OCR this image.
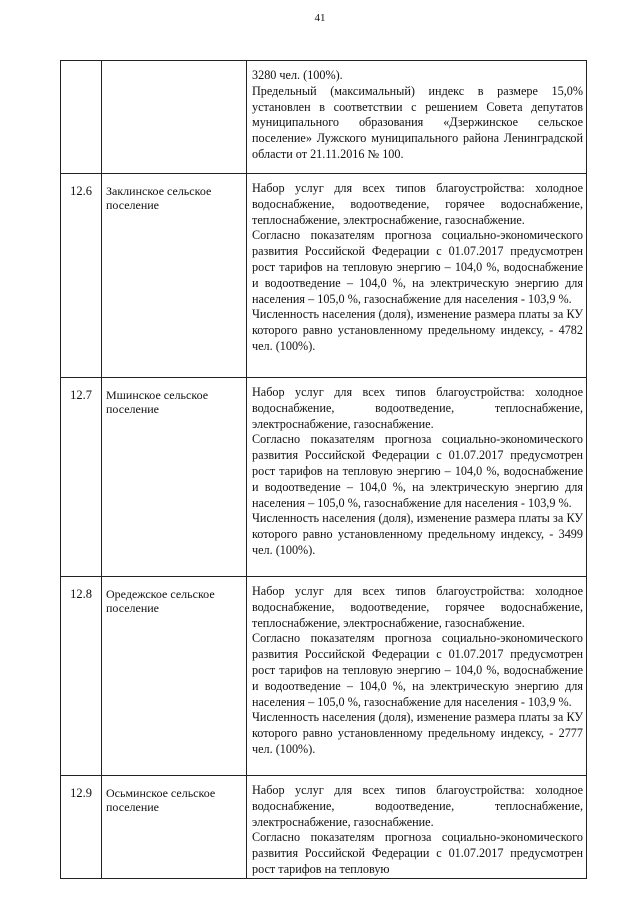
41

		3280 чел. (100%).

Предельный (максимальный) индекс в размере 15,0% установлен в соответствии с решением Совета депутатов муниципального образования «Дзержинское сельское поселение» Лужского муниципального района Ленинградской области от 21.11.2016 № 100.

12.6	Заклинское сельское поселение	Набор услуг для всех типов благоустройства: холодное водоснабжение, водоотведение, горячее водоснабжение, теплоснабжение, электроснабжение, газоснабжение.

Согласно показателям прогноза социально-экономического развития Российской Федерации с 01.07.2017 предусмотрен рост тарифов на тепловую энергию – 104,0 %, водоснабжение и водоотведение – 104,0 %, на электрическую энергию для населения – 105,0 %, газоснабжение для населения - 103,9 %.

Численность населения (доля), изменение размера платы за КУ которого равно установленному предельному индексу, - 4782 чел. (100%).

12.7	Мшинское сельское поселение	Набор услуг для всех типов благоустройства: холодное водоснабжение, водоотведение, теплоснабжение, электроснабжение, газоснабжение.

Согласно показателям прогноза социально-экономического развития Российской Федерации с 01.07.2017 предусмотрен рост тарифов на тепловую энергию – 104,0 %, водоснабжение и водоотведение – 104,0 %, на электрическую энергию для населения – 105,0 %, газоснабжение для населения - 103,9 %.

Численность населения (доля), изменение размера платы за КУ которого равно установленному предельному индексу, - 3499 чел. (100%).

12.8	Оредежское сельское поселение	Набор услуг для всех типов благоустройства: холодное водоснабжение, водоотведение, горячее водоснабжение, теплоснабжение, электроснабжение, газоснабжение.

Согласно показателям прогноза социально-экономического развития Российской Федерации с 01.07.2017 предусмотрен рост тарифов на тепловую энергию – 104,0 %, водоснабжение и водоотведение – 104,0 %, на электрическую энергию для населения – 105,0 %, газоснабжение для населения - 103,9 %.

Численность населения (доля), изменение размера платы за КУ которого равно установленному предельному индексу, - 2777 чел. (100%).

12.9	Осьминское сельское поселение	Набор услуг для всех типов благоустройства: холодное водоснабжение, водоотведение, теплоснабжение, электроснабжение, газоснабжение.

Согласно показателям прогноза социально-экономического развития Российской Федерации с 01.07.2017 предусмотрен рост тарифов на тепловую
